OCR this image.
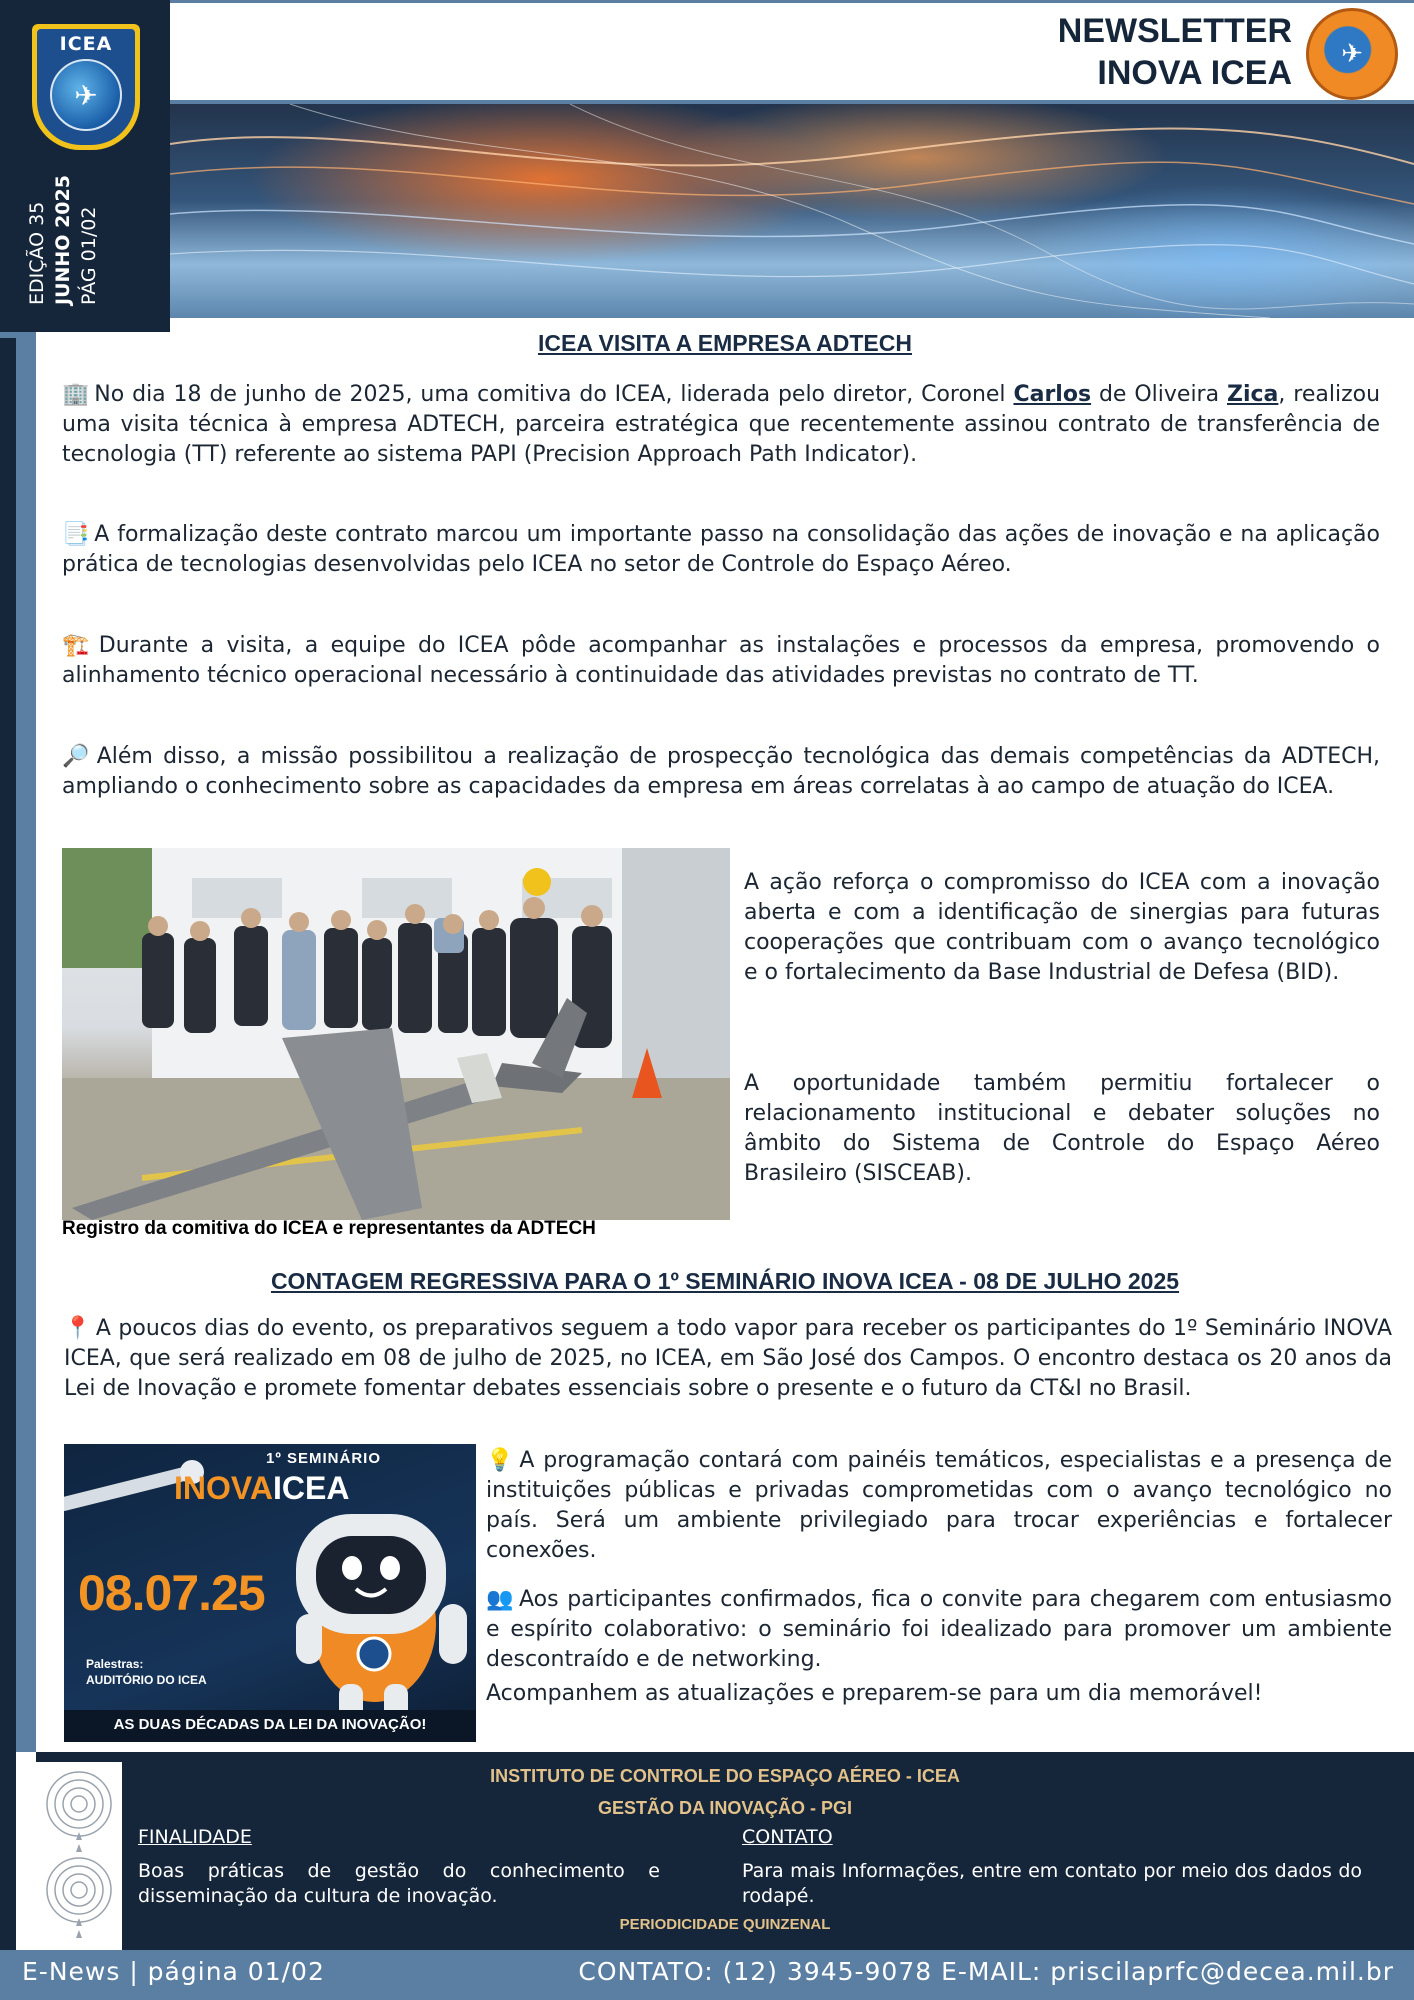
ICEA
✈
EDIÇÃO 35 JUNHO 2025 PÁG 01/02
NEWSLETTER
INOVA ICEA	✈
ICEA VISITA A EMPRESA ADTECH

🏢 No dia 18 de junho de 2025, uma comitiva do ICEA, liderada pelo diretor, Coronel Carlos de Oliveira Zica, realizou uma visita técnica à empresa ADTECH, parceira estratégica que recentemente assinou contrato de transferência de tecnologia (TT) referente ao sistema PAPI (Precision Approach Path Indicator).

📑 A formalização deste contrato marcou um importante passo na consolidação das ações de inovação e na aplicação prática de tecnologias desenvolvidas pelo ICEA no setor de Controle do Espaço Aéreo.

🏗️ Durante a visita, a equipe do ICEA pôde acompanhar as instalações e processos da empresa, promovendo o alinhamento técnico operacional necessário à continuidade das atividades previstas no contrato de TT.

🔎 Além disso, a missão possibilitou a realização de prospecção tecnológica das demais competências da ADTECH, ampliando o conhecimento sobre as capacidades da empresa em áreas correlatas à ao campo de atuação do ICEA.

Registro da comitiva do ICEA e representantes da ADTECH

A ação reforça o compromisso do ICEA com a inovação aberta e com a identificação de sinergias para futuras cooperações que contribuam com o avanço tecnológico e o fortalecimento da Base Industrial de Defesa (BID).

A oportunidade também permitiu fortalecer o relacionamento institucional e debater soluções no âmbito do Sistema de Controle do Espaço Aéreo Brasileiro (SISCEAB).

CONTAGEM REGRESSIVA PARA O 1º SEMINÁRIO INOVA ICEA - 08 DE JULHO 2025

📍 A poucos dias do evento, os preparativos seguem a todo vapor para receber os participantes do 1º Seminário INOVA ICEA, que será realizado em 08 de julho de 2025, no ICEA, em São José dos Campos. O encontro destaca os 20 anos da Lei de Inovação e promete fomentar debates essenciais sobre o presente e o futuro da CT&I no Brasil.

1º SEMINÁRIO
INOVAICEA
08.07.25
Palestras:
AUDITÓRIO DO ICEA
AS DUAS DÉCADAS DA LEI DA INOVAÇÃO!

💡 A programação contará com painéis temáticos, especialistas e a presença de instituições públicas e privadas comprometidas com o avanço tecnológico no país. Será um ambiente privilegiado para trocar experiências e fortalecer conexões.

👥 Aos participantes confirmados, fica o convite para chegarem com entusiasmo e espírito colaborativo: o seminário foi idealizado para promover um ambiente descontraído e de networking.

Acompanhem as atualizações e preparem-se para um dia memorável!

INSTITUTO DE CONTROLE DO ESPAÇO AÉREO - ICEA
GESTÃO DA INOVAÇÃO - PGI
FINALIDADE
Boas práticas de gestão do conhecimento e disseminação da cultura de inovação.
CONTATO
Para mais Informações, entre em contato por meio dos dados do rodapé.
PERIODICIDADE QUINZENAL
E-News | página 01/02	CONTATO: (12) 3945-9078 E-MAIL: priscilaprfc@decea.mil.br
